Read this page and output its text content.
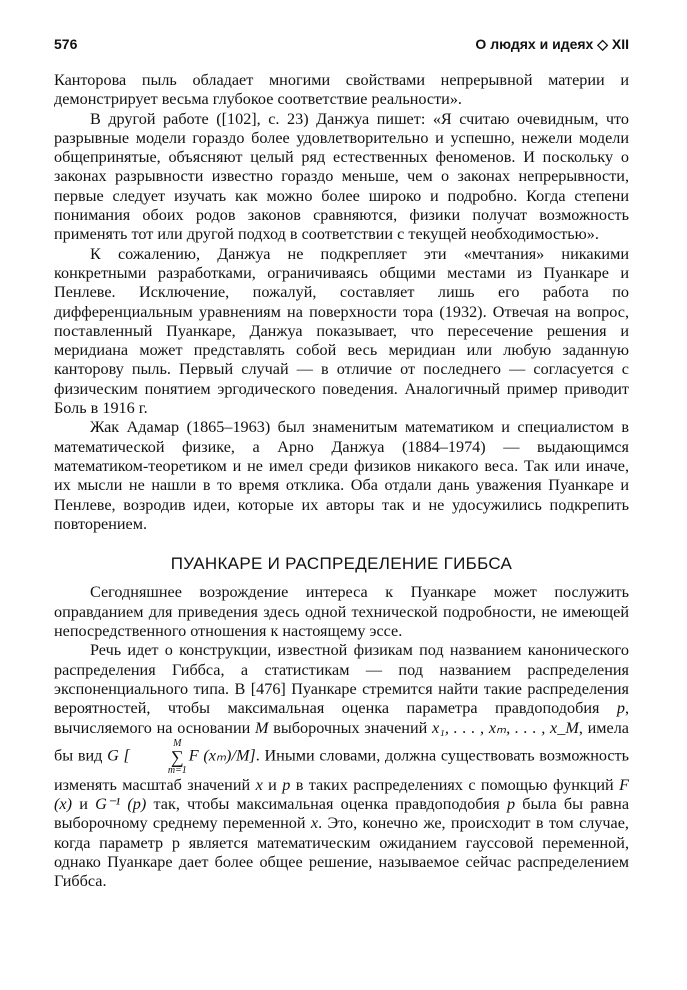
576	О людях и идеях ◇ XII

Канторова пыль обладает многими свойствами непрерывной материи и демонстрирует весьма глубокое соответствие реальности».

В другой работе ([102], с. 23) Данжуа пишет: «Я считаю очевидным, что разрывные модели гораздо более удовлетворительно и успешно, нежели модели общепринятые, объясняют целый ряд естественных феноменов. И поскольку о законах разрывности известно гораздо меньше, чем о законах непрерывности, первые следует изучать как можно более широко и подробно. Когда степени понимания обоих родов законов сравняются, физики получат возможность применять тот или другой подход в соответствии с текущей необходимостью».

К сожалению, Данжуа не подкрепляет эти «мечтания» никакими конкретными разработками, ограничиваясь общими местами из Пуанкаре и Пенлеве. Исключение, пожалуй, составляет лишь его работа по дифференциальным уравнениям на поверхности тора (1932). Отвечая на вопрос, поставленный Пуанкаре, Данжуа показывает, что пересечение решения и меридиана может представлять собой весь меридиан или любую заданную канторову пыль. Первый случай — в отличие от последнего — согласуется с физическим понятием эргодического поведения. Аналогичный пример приводит Боль в 1916 г.

Жак Адамар (1865–1963) был знаменитым математиком и специалистом в математической физике, а Арно Данжуа (1884–1974) — выдающимся математиком-теоретиком и не имел среди физиков никакого веса. Так или иначе, их мысли не нашли в то время отклика. Оба отдали дань уважения Пуанкаре и Пенлеве, возродив идеи, которые их авторы так и не удосужились подкрепить повторением.

ПУАНКАРЕ И РАСПРЕДЕЛЕНИЕ ГИББСА

Сегодняшнее возрождение интереса к Пуанкаре может послужить оправданием для приведения здесь одной технической подробности, не имеющей непосредственного отношения к настоящему эссе.

Речь идет о конструкции, известной физикам под названием канонического распределения Гиббса, а статистикам — под названием распределения экспоненциального типа. В [476] Пуанкаре стремится найти такие распределения вероятностей, чтобы максимальная оценка параметра правдоподобия p, вычисляемого на основании M выборочных значений x₁, . . . , xₘ, . . . , x_M, имела бы вид G [
M
∑
m=1
F (xₘ)/M]. Иными словами, должна существовать возможность изменять масштаб значений x и p в таких распределениях с помощью функций F (x) и G⁻¹ (p) так, чтобы максимальная оценка правдоподобия p была бы равна выборочному среднему переменной x. Это, конечно же, происходит в том случае, когда параметр p является математическим ожиданием гауссовой переменной, однако Пуанкаре дает более общее решение, называемое сейчас распределением Гиббса.
